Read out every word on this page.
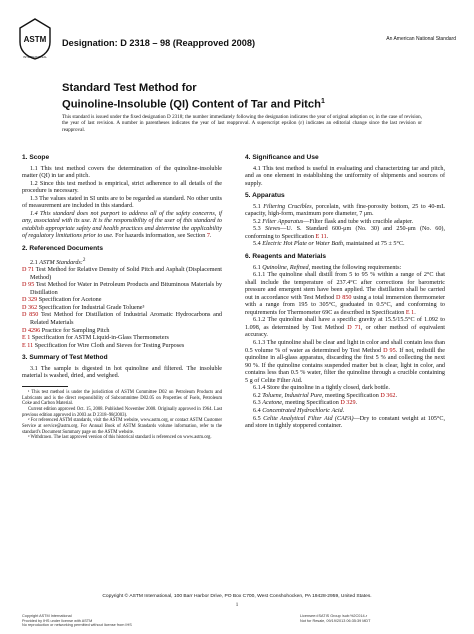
ASTM
INTERNATIONAL
Designation: D 2318 – 98 (Reapproved 2008)	An American National Standard
Standard Test Method for
Quinoline-Insoluble (QI) Content of Tar and Pitch$^1$
This standard is issued under the fixed designation D 2318; the number immediately following the designation indicates the year of original adoption or, in the case of revision, the year of last revision. A number in parentheses indicates the year of last reapproval. A superscript epsilon (ε) indicates an editorial change since the last revision or reapproval.
1. Scope

1.1 This test method covers the determination of the quinoline-insoluble matter (QI) in tar and pitch.

1.2 Since this test method is empirical, strict adherence to all details of the procedure is necessary.

1.3 The values stated in SI units are to be regarded as standard. No other units of measurement are included in this standard.

1.4 This standard does not purport to address all of the safety concerns, if any, associated with its use. It is the responsibility of the user of this standard to establish appropriate safety and health practices and determine the applicability of regulatory limitations prior to use. For hazards information, see Section 7.

2. Referenced Documents

2.1 ASTM Standards:$^2$

D 71 Test Method for Relative Density of Solid Pitch and Asphalt (Displacement Method)

D 95 Test Method for Water in Petroleum Products and Bituminous Materials by Distillation

D 329 Specification for Acetone

D 362 Specification for Industrial Grade Toluene³

D 850 Test Method for Distillation of Industrial Aromatic Hydrocarbons and Related Materials

D 4296 Practice for Sampling Pitch

E 1 Specification for ASTM Liquid-in-Glass Thermometers

E 11 Specification for Wire Cloth and Sieves for Testing Purposes

3. Summary of Test Method

3.1 The sample is digested in hot quinoline and filtered. The insoluble material is washed, dried, and weighed.

¹ This test method is under the jurisdiction of ASTM Committee D02 on Petroleum Products and Lubricants and is the direct responsibility of Subcommittee D02.05 on Properties of Fuels, Petroleum Coke and Carbon Material.

Current edition approved Oct. 15, 2008. Published November 2008. Originally approved in 1964. Last previous edition approved in 2003 as D 2318–98(2003).

² For referenced ASTM standards, visit the ASTM website, www.astm.org, or contact ASTM Customer Service at service@astm.org. For Annual Book of ASTM Standards volume information, refer to the standard's Document Summary page on the ASTM website.

³ Withdrawn. The last approved version of this historical standard is referenced on www.astm.org.

4. Significance and Use

4.1 This test method is useful in evaluating and characterizing tar and pitch, and as one element in establishing the uniformity of shipments and sources of supply.

5. Apparatus

5.1 Filtering Crucibles, porcelain, with fine-porosity bottom, 25 to 40-mL capacity, high-form, maximum pore diameter, 7 μm.

5.2 Filter Apparatus—Filter flask and tube with crucible adapter.

5.3 Sieves—U. S. Standard 600-μm (No. 30) and 250-μm (No. 60), conforming to Specification E 11.

5.4 Electric Hot Plate or Water Bath, maintained at 75 ± 5°C.

6. Reagents and Materials

6.1 Quinoline, Refined, meeting the following requirements:

6.1.1 The quinoline shall distill from 5 to 95 % within a range of 2°C that shall include the temperature of 237.4°C after corrections for barometric pressure and emergent stem have been applied. The distillation shall be carried out in accordance with Test Method D 850 using a total immersion thermometer with a range from 195 to 305°C, graduated in 0.5°C, and conforming to requirements for Thermometer 69C as described in Specification E 1.

6.1.2 The quinoline shall have a specific gravity at 15.5/15.5°C of 1.092 to 1.098, as determined by Test Method D 71, or other method of equivalent accuracy.

6.1.3 The quinoline shall be clear and light in color and shall contain less than 0.5 volume % of water as determined by Test Method D 95. If not, redistill the quinoline in all-glass apparatus, discarding the first 5 % and collecting the next 90 %. If the quinoline contains suspended matter but is clear, light in color, and contains less than 0.5 % water, filter the quinoline through a crucible containing 5 g of Celite Filter Aid.

6.1.4 Store the quinoline in a tightly closed, dark bottle.

6.2 Toluene, Industrial Pure, meeting Specification D 362.

6.3 Acetone, meeting Specification D 329.

6.4 Concentrated Hydrochloric Acid.

6.5 Celite Analytical Filter Aid (CAFA)—Dry to constant weight at 105°C, and store in tightly stoppered container.

Copyright © ASTM International, 100 Barr Harbor Drive, PO Box C700, West Conshohocken, PA 19428-2959, United States.
1
Copyright ASTM International
Provided by IHS under license with ASTM
No reproduction or networking permitted without license from IHS
Licensee=ISATIS Group /sub:%2C014-r
Not for Resale, 09/19/2013 06:35:39 MDT
